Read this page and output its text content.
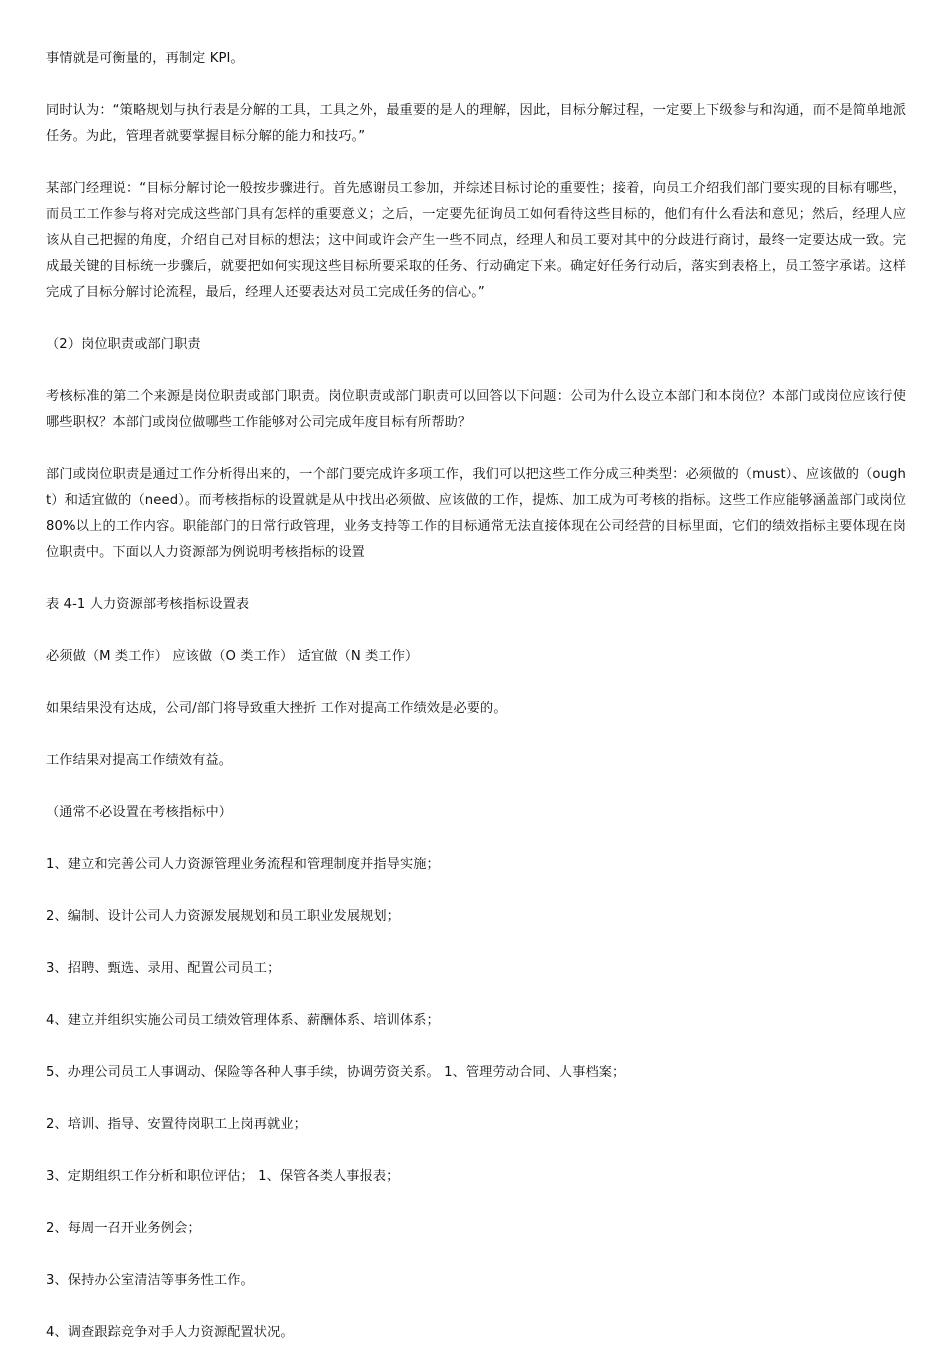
事情就是可衡量的，再制定 KPI。

同时认为：“策略规划与执行表是分解的工具，工具之外，最重要的是人的理解，因此，目标分解过程，一定要上下级参与和沟通，而不是简单地派任务。为此，管理者就要掌握目标分解的能力和技巧。”

某部门经理说：“目标分解讨论一般按步骤进行。首先感谢员工参加，并综述目标讨论的重要性；接着，向员工介绍我们部门要实现的目标有哪些，而员工工作参与将对完成这些部门具有怎样的重要意义；之后，一定要先征询员工如何看待这些目标的，他们有什么看法和意见；然后，经理人应该从自己把握的角度，介绍自己对目标的想法；这中间或许会产生一些不同点，经理人和员工要对其中的分歧进行商讨，最终一定要达成一致。完成最关键的目标统一步骤后，就要把如何实现这些目标所要采取的任务、行动确定下来。确定好任务行动后，落实到表格上，员工签字承诺。这样完成了目标分解讨论流程，最后，经理人还要表达对员工完成任务的信心。”

（2）岗位职责或部门职责

考核标准的第二个来源是岗位职责或部门职责。岗位职责或部门职责可以回答以下问题：公司为什么设立本部门和本岗位？本部门或岗位应该行使哪些职权？本部门或岗位做哪些工作能够对公司完成年度目标有所帮助？

部门或岗位职责是通过工作分析得出来的，一个部门要完成许多项工作，我们可以把这些工作分成三种类型：必须做的（must）、应该做的（ought）和适宜做的（need）。而考核指标的设置就是从中找出必须做、应该做的工作，提炼、加工成为可考核的指标。这些工作应能够涵盖部门或岗位 80%以上的工作内容。职能部门的日常行政管理，业务支持等工作的目标通常无法直接体现在公司经营的目标里面，它们的绩效指标主要体现在岗位职责中。下面以人力资源部为例说明考核指标的设置

表 4-1 人力资源部考核指标设置表

必须做（M 类工作） 应该做（O 类工作） 适宜做（N 类工作）

如果结果没有达成，公司/部门将导致重大挫折 工作对提高工作绩效是必要的。

工作结果对提高工作绩效有益。

（通常不必设置在考核指标中）

1、建立和完善公司人力资源管理业务流程和管理制度并指导实施；

2、编制、设计公司人力资源发展规划和员工职业发展规划；

3、招聘、甄选、录用、配置公司员工；

4、建立并组织实施公司员工绩效管理体系、薪酬体系、培训体系；

5、办理公司员工人事调动、保险等各种人事手续，协调劳资关系。 1、管理劳动合同、人事档案；

2、培训、指导、安置待岗职工上岗再就业；

3、定期组织工作分析和职位评估； 1、保管各类人事报表；

2、每周一召开业务例会；

3、保持办公室清洁等事务性工作。

4、调查跟踪竞争对手人力资源配置状况。
